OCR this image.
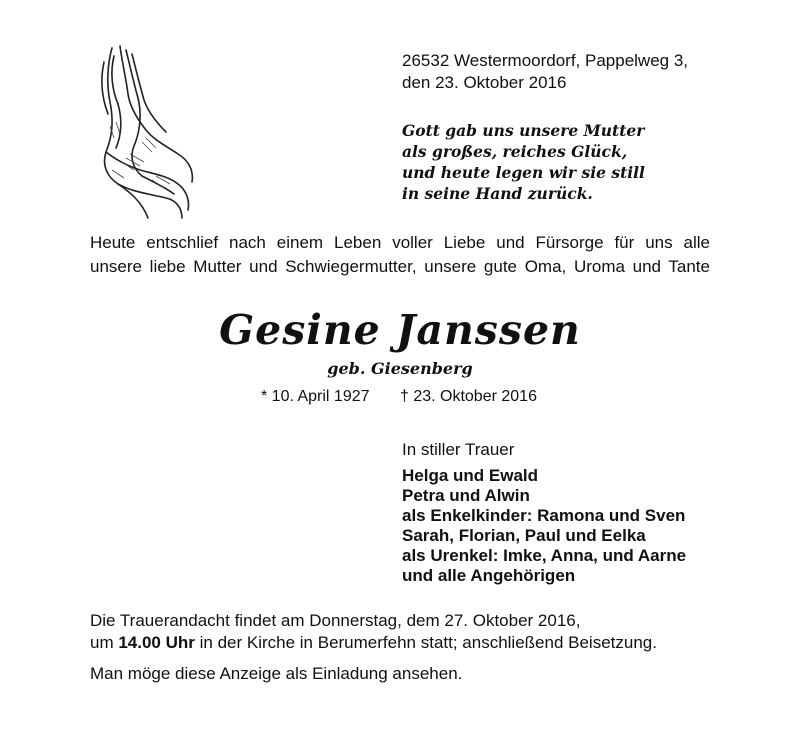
26532 Westermoordorf, Pappelweg 3,
den 23. Oktober 2016
Gott gab uns unsere Mutter
als großes, reiches Glück,
und heute legen wir sie still
in seine Hand zurück.
Heute entschlief nach einem Leben voller Liebe und Fürsorge für uns alle
unsere liebe Mutter und Schwiegermutter, unsere gute Oma, Uroma und Tante
Gesine Janssen
geb. Giesenberg
* 10. April 1927 † 23. Oktober 2016
In stiller Trauer
Helga und Ewald
Petra und Alwin
als Enkelkinder: Ramona und Sven
Sarah, Florian, Paul und Eelka
als Urenkel: Imke, Anna, und Aarne
und alle Angehörigen
Die Trauerandacht findet am Donnerstag, dem 27. Oktober 2016,
um 14.00 Uhr in der Kirche in Berumerfehn statt; anschließend Beisetzung.
Man möge diese Anzeige als Einladung ansehen.
